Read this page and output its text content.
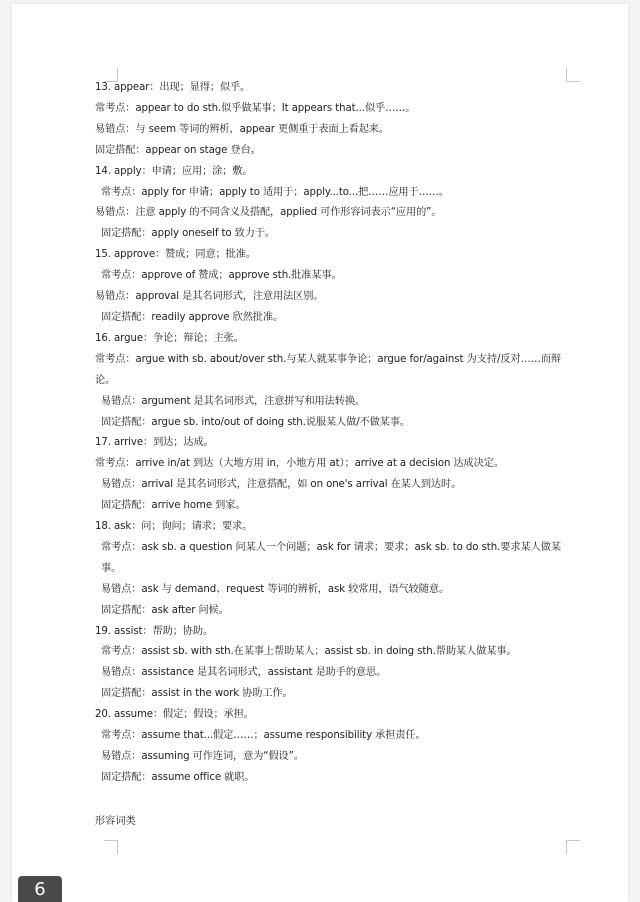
13. appear：出现；显得；似乎。
常考点：appear to do sth.似乎做某事；It appears that...似乎……。
易错点：与 seem 等词的辨析，appear 更侧重于表面上看起来。
固定搭配：appear on stage 登台。
14. apply：申请；应用；涂；敷。
常考点：apply for 申请；apply to 适用于；apply...to...把……应用于……。
易错点：注意 apply 的不同含义及搭配，applied 可作形容词表示“应用的”。
固定搭配：apply oneself to 致力于。
15. approve：赞成；同意；批准。
常考点：approve of 赞成；approve sth.批准某事。
易错点：approval 是其名词形式，注意用法区别。
固定搭配：readily approve 欣然批准。
16. argue：争论；辩论；主张。
常考点：argue with sb. about/over sth.与某人就某事争论；argue for/against 为支持/反对……而辩论。
易错点：argument 是其名词形式，注意拼写和用法转换。
固定搭配：argue sb. into/out of doing sth.说服某人做/不做某事。
17. arrive：到达；达成。
常考点：arrive in/at 到达（大地方用 in，小地方用 at）；arrive at a decision 达成决定。
易错点：arrival 是其名词形式，注意搭配，如 on one's arrival 在某人到达时。
固定搭配：arrive home 到家。
18. ask：问；询问；请求；要求。
常考点：ask sb. a question 问某人一个问题；ask for 请求；要求；ask sb. to do sth.要求某人做某事。
易错点：ask 与 demand、request 等词的辨析，ask 较常用，语气较随意。
固定搭配：ask after 问候。
19. assist：帮助；协助。
常考点：assist sb. with sth.在某事上帮助某人；assist sb. in doing sth.帮助某人做某事。
易错点：assistance 是其名词形式，assistant 是助手的意思。
固定搭配：assist in the work 协助工作。
20. assume：假定；假设；承担。
常考点：assume that...假定……；assume responsibility 承担责任。
易错点：assuming 可作连词，意为“假设”。
固定搭配：assume office 就职。
形容词类
6
